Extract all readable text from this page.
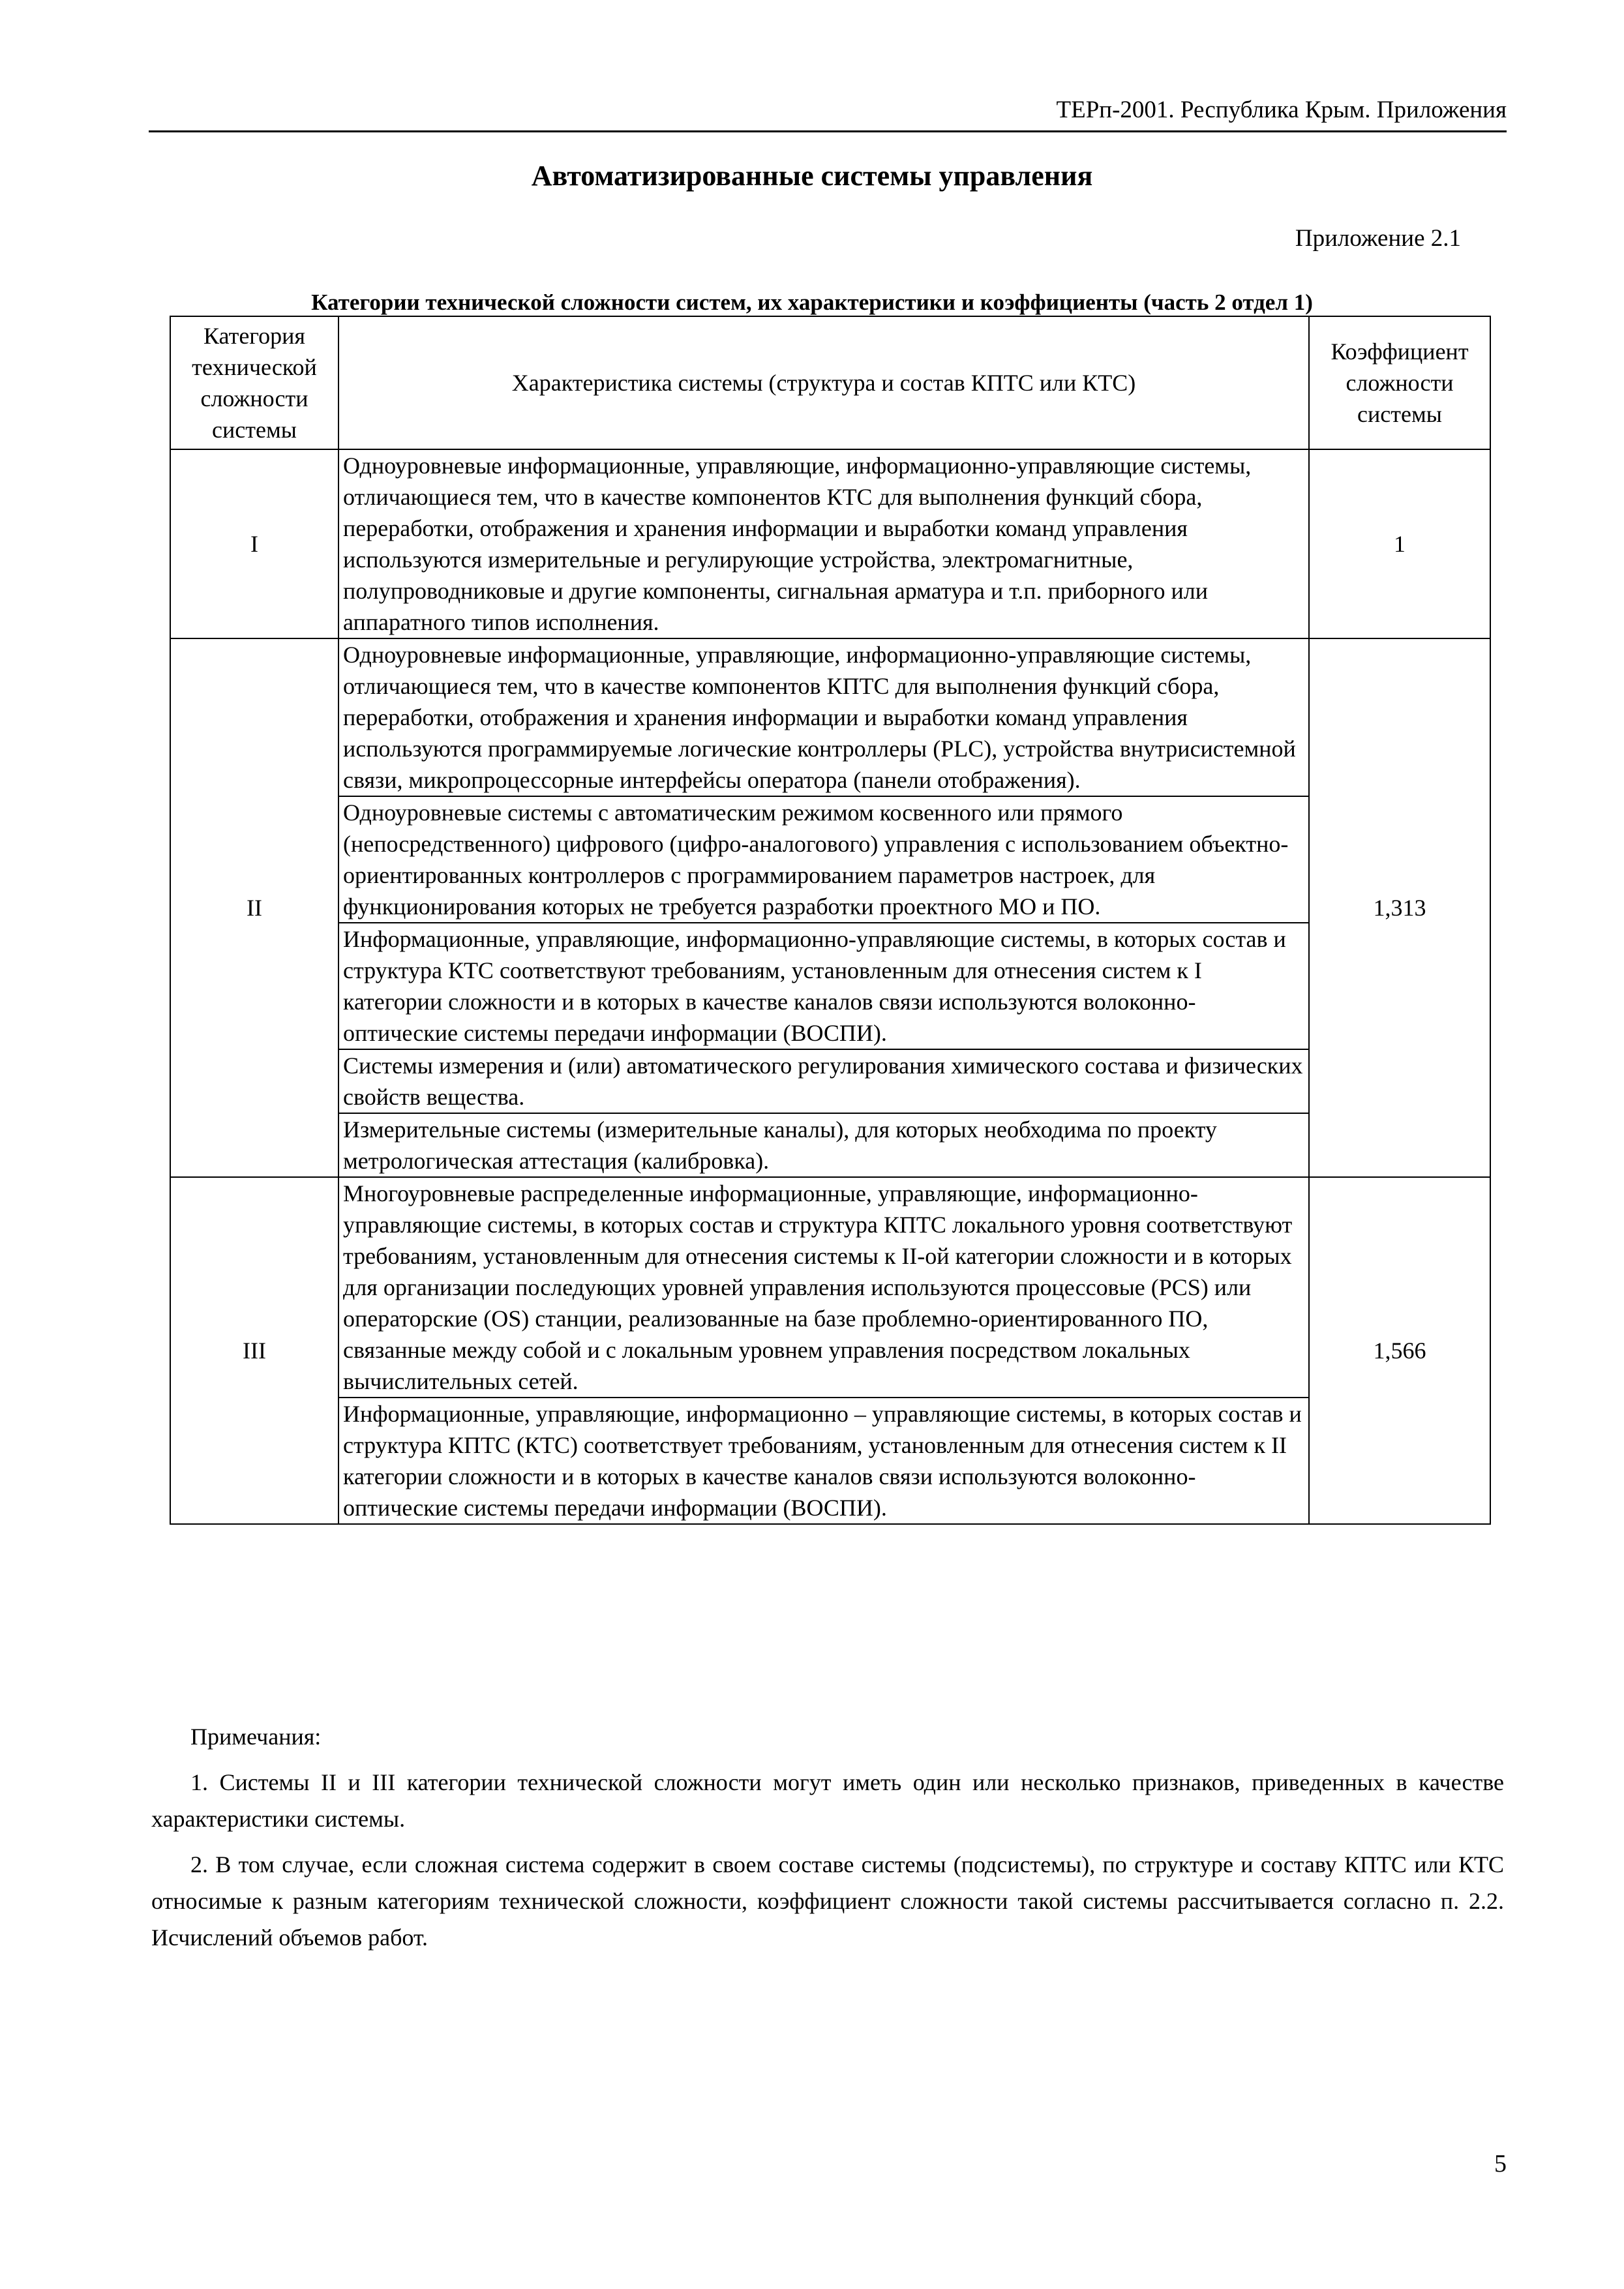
ТЕРп-2001. Республика Крым. Приложения
Автоматизированные системы управления
Приложение 2.1
Категории технической сложности систем, их характеристики и коэффициенты (часть 2 отдел 1)
Категория технической сложности системы	Характеристика системы (структура и состав КПТС или КТС)	Коэффициент сложности системы
I	Одноуровневые информационные, управляющие, информационно-управляющие системы, отличающиеся тем, что в качестве компонентов КТС для выполнения функций сбора, переработки, отображения и хранения информации и выработки команд управления используются измерительные и регулирующие устройства, электромагнитные, полупроводниковые и другие компоненты, сигнальная арматура и т.п. приборного или аппаратного типов исполнения.	1
II	Одноуровневые информационные, управляющие, информационно-управляющие системы, отличающиеся тем, что в качестве компонентов КПТС для выполнения функций сбора, переработки, отображения и хранения информации и выработки команд управления используются программируемые логические контроллеры (PLC), устройства внутрисистемной связи, микропроцессорные интерфейсы оператора (панели отображения).	1,313
	Одноуровневые системы с автоматическим режимом косвенного или прямого (непосредственного) цифрового (цифро-аналогового) управления с использованием объектно-ориентированных контроллеров с программированием параметров настроек, для функционирования которых не требуется разработки проектного МО и ПО.	
	Информационные, управляющие, информационно-управляющие системы, в которых состав и структура КТС соответствуют требованиям, установленным для отнесения систем к I категории сложности и в которых в качестве каналов связи используются волоконно-оптические системы передачи информации (ВОСПИ).	
	Системы измерения и (или) автоматического регулирования химического состава и физических свойств вещества.	
	Измерительные системы (измерительные каналы), для которых необходима по проекту метрологическая аттестация (калибровка).	
III	Многоуровневые распределенные информационные, управляющие, информационно-управляющие системы, в которых состав и структура КПТС локального уровня соответствуют требованиям, установленным для отнесения системы к II-ой категории сложности и в которых для организации последующих уровней управления используются процессовые (PCS) или операторские (OS) станции, реализованные на базе проблемно-ориентированного ПО, связанные между собой и с локальным уровнем управления посредством локальных вычислительных сетей.	1,566
	Информационные, управляющие, информационно – управляющие системы, в которых состав и структура КПТС (КТС) соответствует требованиям, установленным для отнесения систем к II категории сложности и в которых в качестве каналов связи используются волоконно-оптические системы передачи информации (ВОСПИ).	

Примечания:

1. Системы II и III категории технической сложности могут иметь один или несколько признаков, приведенных в качестве характеристики системы.

2. В том случае, если сложная система содержит в своем составе системы (подсистемы), по структуре и составу КПТС или КТС относимые к разным категориям технической сложности, коэффициент сложности такой системы рассчитывается согласно п. 2.2. Исчислений объемов работ.

5
